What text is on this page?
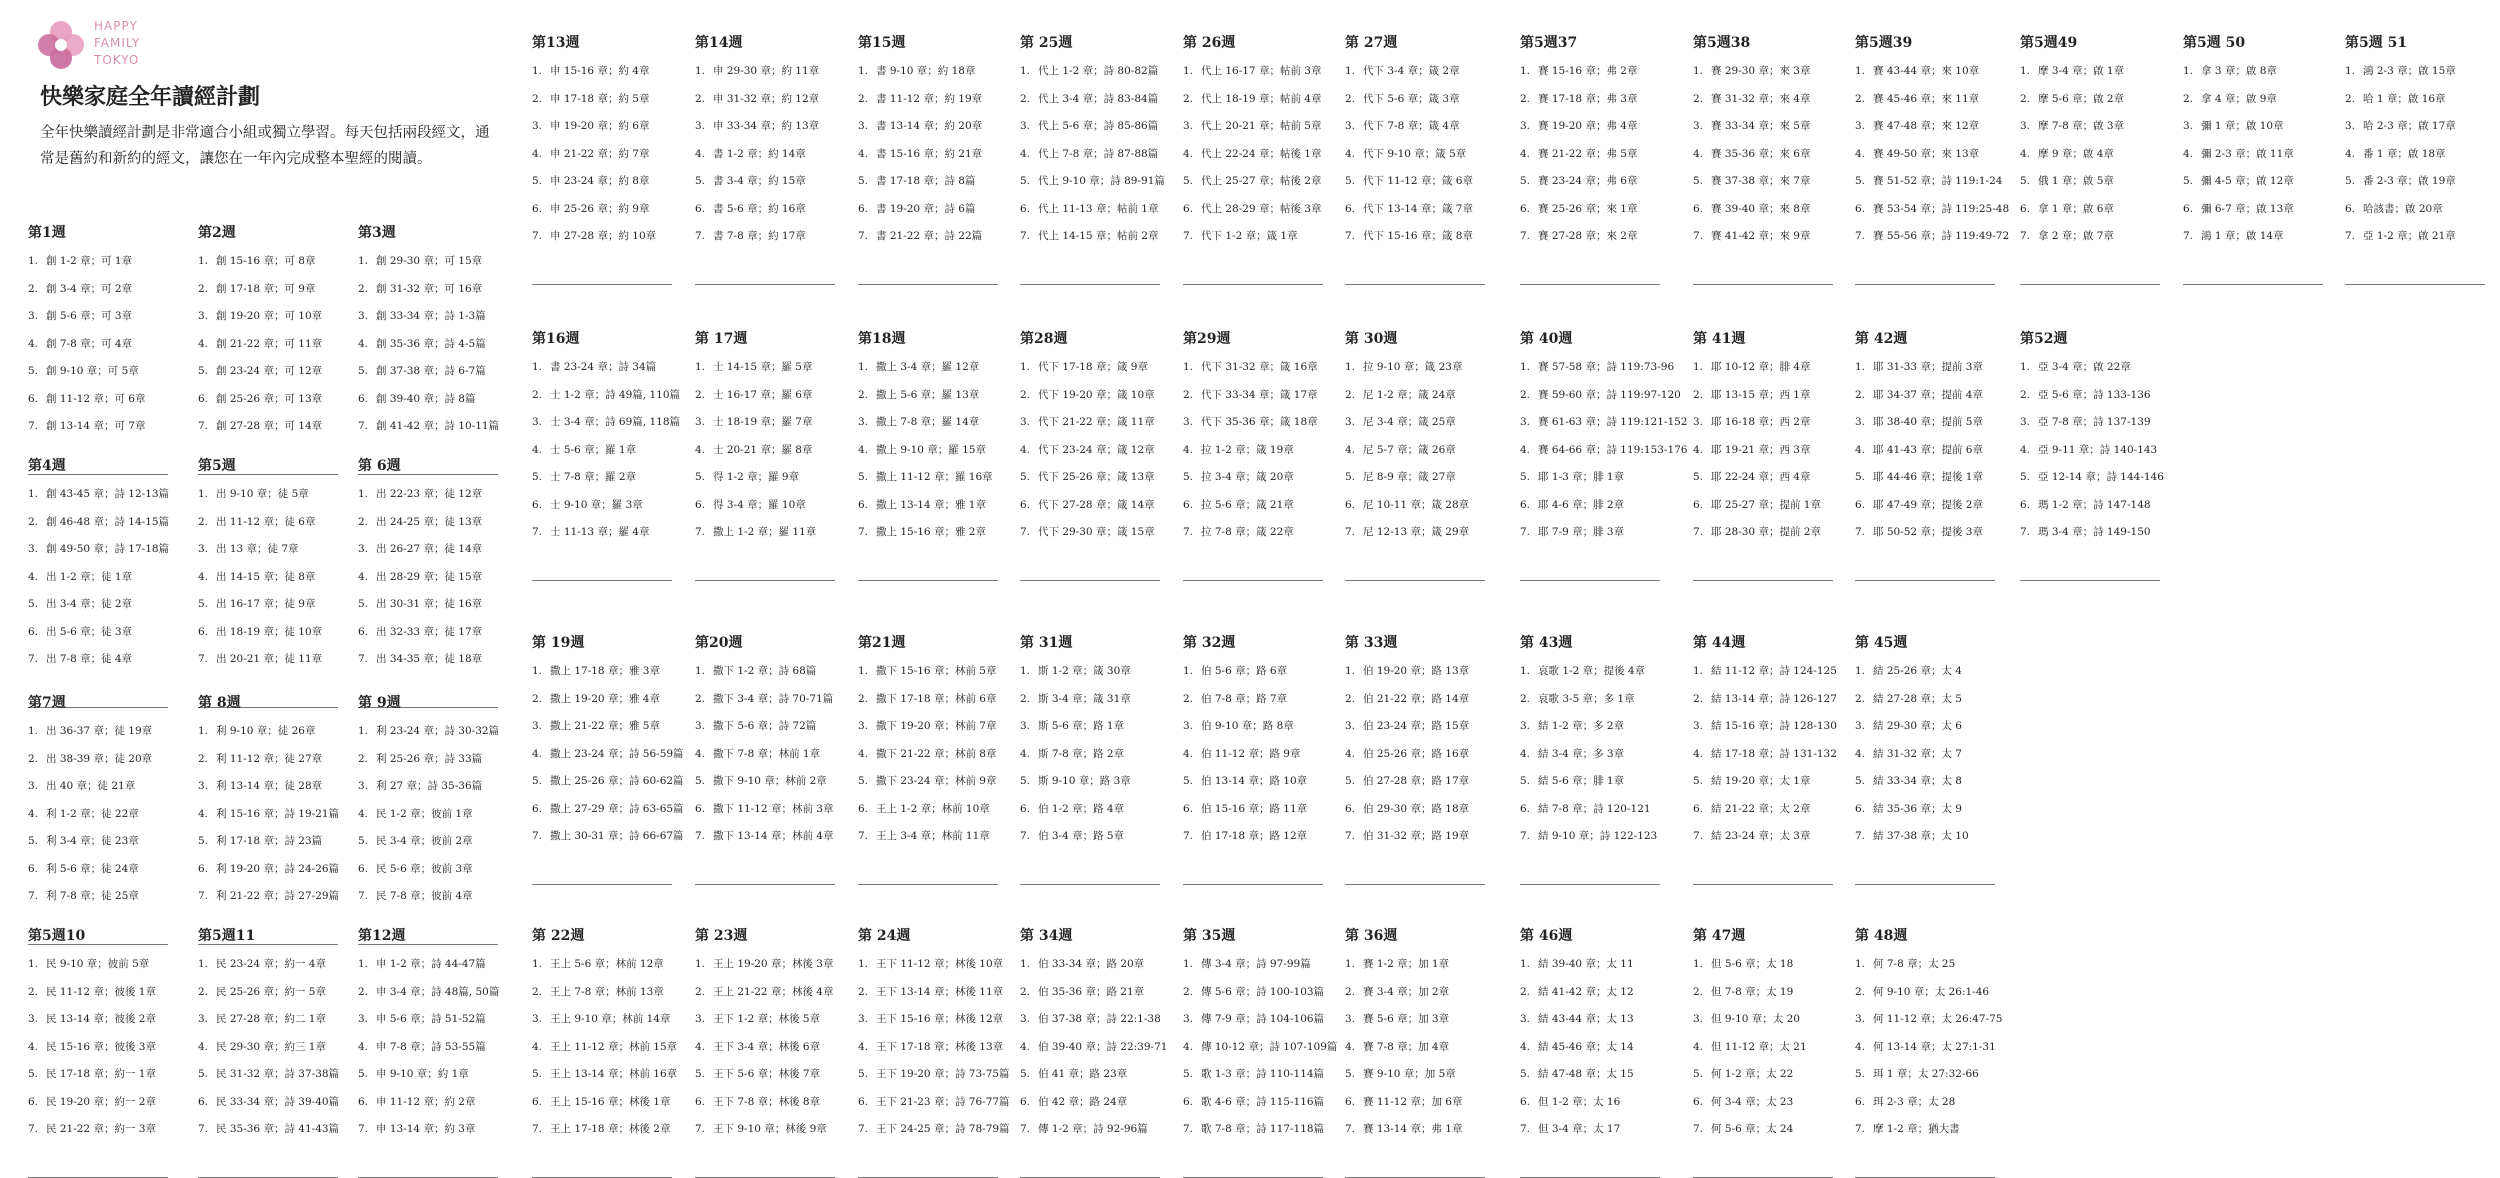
HAPPY
FAMILY
TOKYO
快樂家庭全年讀經計劃

全年快樂讀經計劃是非常適合小組或獨立學習。每天包括兩段經文，通常是舊約和新約的經文，讓您在一年內完成整本聖經的閱讀。

第1週
1. 創 1-2 章；可 1章
2. 創 3-4 章；可 2章
3. 創 5-6 章；可 3章
4. 創 7-8 章；可 4章
5. 創 9-10 章；可 5章
6. 創 11-12 章；可 6章
7. 創 13-14 章；可 7章
第2週
1. 創 15-16 章；可 8章
2. 創 17-18 章；可 9章
3. 創 19-20 章；可 10章
4. 創 21-22 章；可 11章
5. 創 23-24 章；可 12章
6. 創 25-26 章；可 13章
7. 創 27-28 章；可 14章
第3週
1. 創 29-30 章；可 15章
2. 創 31-32 章；可 16章
3. 創 33-34 章；詩 1-3篇
4. 創 35-36 章；詩 4-5篇
5. 創 37-38 章；詩 6-7篇
6. 創 39-40 章；詩 8篇
7. 創 41-42 章；詩 10-11篇
第4週
1. 創 43-45 章；詩 12-13篇
2. 創 46-48 章；詩 14-15篇
3. 創 49-50 章；詩 17-18篇
4. 出 1-2 章；徒 1章
5. 出 3-4 章；徒 2章
6. 出 5-6 章；徒 3章
7. 出 7-8 章；徒 4章
第5週
1. 出 9-10 章；徒 5章
2. 出 11-12 章；徒 6章
3. 出 13 章；徒 7章
4. 出 14-15 章；徒 8章
5. 出 16-17 章；徒 9章
6. 出 18-19 章；徒 10章
7. 出 20-21 章；徒 11章
第 6週
1. 出 22-23 章；徒 12章
2. 出 24-25 章；徒 13章
3. 出 26-27 章；徒 14章
4. 出 28-29 章；徒 15章
5. 出 30-31 章；徒 16章
6. 出 32-33 章；徒 17章
7. 出 34-35 章；徒 18章
第7週
1. 出 36-37 章；徒 19章
2. 出 38-39 章；徒 20章
3. 出 40 章；徒 21章
4. 利 1-2 章；徒 22章
5. 利 3-4 章；徒 23章
6. 利 5-6 章；徒 24章
7. 利 7-8 章；徒 25章
第 8週
1. 利 9-10 章；徒 26章
2. 利 11-12 章；徒 27章
3. 利 13-14 章；徒 28章
4. 利 15-16 章；詩 19-21篇
5. 利 17-18 章；詩 23篇
6. 利 19-20 章；詩 24-26篇
7. 利 21-22 章；詩 27-29篇
第 9週
1. 利 23-24 章；詩 30-32篇
2. 利 25-26 章；詩 33篇
3. 利 27 章；詩 35-36篇
4. 民 1-2 章；彼前 1章
5. 民 3-4 章；彼前 2章
6. 民 5-6 章；彼前 3章
7. 民 7-8 章；彼前 4章
第5週10
1. 民 9-10 章；彼前 5章
2. 民 11-12 章；彼後 1章
3. 民 13-14 章；彼後 2章
4. 民 15-16 章；彼後 3章
5. 民 17-18 章；約一 1章
6. 民 19-20 章；約一 2章
7. 民 21-22 章；約一 3章
第5週11
1. 民 23-24 章；約一 4章
2. 民 25-26 章；約一 5章
3. 民 27-28 章；約二 1章
4. 民 29-30 章；約三 1章
5. 民 31-32 章；詩 37-38篇
6. 民 33-34 章；詩 39-40篇
7. 民 35-36 章；詩 41-43篇
第12週
1. 申 1-2 章；詩 44-47篇
2. 申 3-4 章；詩 48篇, 50篇
3. 申 5-6 章；詩 51-52篇
4. 申 7-8 章；詩 53-55篇
5. 申 9-10 章；約 1章
6. 申 11-12 章；約 2章
7. 申 13-14 章；約 3章
第13週
1. 申 15-16 章；約 4章
2. 申 17-18 章；約 5章
3. 申 19-20 章；約 6章
4. 申 21-22 章；約 7章
5. 申 23-24 章；約 8章
6. 申 25-26 章；約 9章
7. 申 27-28 章；約 10章
第14週
1. 申 29-30 章；約 11章
2. 申 31-32 章；約 12章
3. 申 33-34 章；約 13章
4. 書 1-2 章；約 14章
5. 書 3-4 章；約 15章
6. 書 5-6 章；約 16章
7. 書 7-8 章；約 17章
第15週
1. 書 9-10 章；約 18章
2. 書 11-12 章；約 19章
3. 書 13-14 章；約 20章
4. 書 15-16 章；約 21章
5. 書 17-18 章；詩 8篇
6. 書 19-20 章；詩 6篇
7. 書 21-22 章；詩 22篇
第 25週
1. 代上 1-2 章；詩 80-82篇
2. 代上 3-4 章；詩 83-84篇
3. 代上 5-6 章；詩 85-86篇
4. 代上 7-8 章；詩 87-88篇
5. 代上 9-10 章；詩 89-91篇
6. 代上 11-13 章；帖前 1章
7. 代上 14-15 章；帖前 2章
第 26週
1. 代上 16-17 章；帖前 3章
2. 代上 18-19 章；帖前 4章
3. 代上 20-21 章；帖前 5章
4. 代上 22-24 章；帖後 1章
5. 代上 25-27 章；帖後 2章
6. 代上 28-29 章；帖後 3章
7. 代下 1-2 章；箴 1章
第 27週
1. 代下 3-4 章；箴 2章
2. 代下 5-6 章；箴 3章
3. 代下 7-8 章；箴 4章
4. 代下 9-10 章；箴 5章
5. 代下 11-12 章；箴 6章
6. 代下 13-14 章；箴 7章
7. 代下 15-16 章；箴 8章
第5週37
1. 賽 15-16 章；弗 2章
2. 賽 17-18 章；弗 3章
3. 賽 19-20 章；弗 4章
4. 賽 21-22 章；弗 5章
5. 賽 23-24 章；弗 6章
6. 賽 25-26 章；來 1章
7. 賽 27-28 章；來 2章
第5週38
1. 賽 29-30 章；來 3章
2. 賽 31-32 章；來 4章
3. 賽 33-34 章；來 5章
4. 賽 35-36 章；來 6章
5. 賽 37-38 章；來 7章
6. 賽 39-40 章；來 8章
7. 賽 41-42 章；來 9章
第5週39
1. 賽 43-44 章；來 10章
2. 賽 45-46 章；來 11章
3. 賽 47-48 章；來 12章
4. 賽 49-50 章；來 13章
5. 賽 51-52 章；詩 119:1-24
6. 賽 53-54 章；詩 119:25-48
7. 賽 55-56 章；詩 119:49-72
第5週49
1. 摩 3-4 章；啟 1章
2. 摩 5-6 章；啟 2章
3. 摩 7-8 章；啟 3章
4. 摩 9 章；啟 4章
5. 俄 1 章；啟 5章
6. 拿 1 章；啟 6章
7. 拿 2 章；啟 7章
第5週 50
1. 拿 3 章；啟 8章
2. 拿 4 章；啟 9章
3. 彌 1 章；啟 10章
4. 彌 2-3 章；啟 11章
5. 彌 4-5 章；啟 12章
6. 彌 6-7 章；啟 13章
7. 鴻 1 章；啟 14章
第5週 51
1. 鴻 2-3 章；啟 15章
2. 哈 1 章；啟 16章
3. 哈 2-3 章；啟 17章
4. 番 1 章；啟 18章
5. 番 2-3 章；啟 19章
6. 哈該書；啟 20章
7. 亞 1-2 章；啟 21章
第16週
1. 書 23-24 章；詩 34篇
2. 士 1-2 章；詩 49篇, 110篇
3. 士 3-4 章；詩 69篇, 118篇
4. 士 5-6 章；羅 1章
5. 士 7-8 章；羅 2章
6. 士 9-10 章；羅 3章
7. 士 11-13 章；羅 4章
第 17週
1. 士 14-15 章；羅 5章
2. 士 16-17 章；羅 6章
3. 士 18-19 章；羅 7章
4. 士 20-21 章；羅 8章
5. 得 1-2 章；羅 9章
6. 得 3-4 章；羅 10章
7. 撒上 1-2 章；羅 11章
第18週
1. 撒上 3-4 章；羅 12章
2. 撒上 5-6 章；羅 13章
3. 撒上 7-8 章；羅 14章
4. 撒上 9-10 章；羅 15章
5. 撒上 11-12 章；羅 16章
6. 撒上 13-14 章；雅 1章
7. 撒上 15-16 章；雅 2章
第28週
1. 代下 17-18 章；箴 9章
2. 代下 19-20 章；箴 10章
3. 代下 21-22 章；箴 11章
4. 代下 23-24 章；箴 12章
5. 代下 25-26 章；箴 13章
6. 代下 27-28 章；箴 14章
7. 代下 29-30 章；箴 15章
第29週
1. 代下 31-32 章；箴 16章
2. 代下 33-34 章；箴 17章
3. 代下 35-36 章；箴 18章
4. 拉 1-2 章；箴 19章
5. 拉 3-4 章；箴 20章
6. 拉 5-6 章；箴 21章
7. 拉 7-8 章；箴 22章
第 30週
1. 拉 9-10 章；箴 23章
2. 尼 1-2 章；箴 24章
3. 尼 3-4 章；箴 25章
4. 尼 5-7 章；箴 26章
5. 尼 8-9 章；箴 27章
6. 尼 10-11 章；箴 28章
7. 尼 12-13 章；箴 29章
第 40週
1. 賽 57-58 章；詩 119:73-96
2. 賽 59-60 章；詩 119:97-120
3. 賽 61-63 章；詩 119:121-152
4. 賽 64-66 章；詩 119:153-176
5. 耶 1-3 章；腓 1章
6. 耶 4-6 章；腓 2章
7. 耶 7-9 章；腓 3章
第 41週
1. 耶 10-12 章；腓 4章
2. 耶 13-15 章；西 1章
3. 耶 16-18 章；西 2章
4. 耶 19-21 章；西 3章
5. 耶 22-24 章；西 4章
6. 耶 25-27 章；提前 1章
7. 耶 28-30 章；提前 2章
第 42週
1. 耶 31-33 章；提前 3章
2. 耶 34-37 章；提前 4章
3. 耶 38-40 章；提前 5章
4. 耶 41-43 章；提前 6章
5. 耶 44-46 章；提後 1章
6. 耶 47-49 章；提後 2章
7. 耶 50-52 章；提後 3章
第52週
1. 亞 3-4 章；啟 22章
2. 亞 5-6 章；詩 133-136
3. 亞 7-8 章；詩 137-139
4. 亞 9-11 章；詩 140-143
5. 亞 12-14 章；詩 144-146
6. 瑪 1-2 章；詩 147-148
7. 瑪 3-4 章；詩 149-150
第 19週
1. 撒上 17-18 章；雅 3章
2. 撒上 19-20 章；雅 4章
3. 撒上 21-22 章；雅 5章
4. 撒上 23-24 章；詩 56-59篇
5. 撒上 25-26 章；詩 60-62篇
6. 撒上 27-29 章；詩 63-65篇
7. 撒上 30-31 章；詩 66-67篇
第20週
1. 撒下 1-2 章；詩 68篇
2. 撒下 3-4 章；詩 70-71篇
3. 撒下 5-6 章；詩 72篇
4. 撒下 7-8 章；林前 1章
5. 撒下 9-10 章；林前 2章
6. 撒下 11-12 章；林前 3章
7. 撒下 13-14 章；林前 4章
第21週
1. 撒下 15-16 章；林前 5章
2. 撒下 17-18 章；林前 6章
3. 撒下 19-20 章；林前 7章
4. 撒下 21-22 章；林前 8章
5. 撒下 23-24 章；林前 9章
6. 王上 1-2 章；林前 10章
7. 王上 3-4 章；林前 11章
第 31週
1. 斯 1-2 章；箴 30章
2. 斯 3-4 章；箴 31章
3. 斯 5-6 章；路 1章
4. 斯 7-8 章；路 2章
5. 斯 9-10 章；路 3章
6. 伯 1-2 章；路 4章
7. 伯 3-4 章；路 5章
第 32週
1. 伯 5-6 章；路 6章
2. 伯 7-8 章；路 7章
3. 伯 9-10 章；路 8章
4. 伯 11-12 章；路 9章
5. 伯 13-14 章；路 10章
6. 伯 15-16 章；路 11章
7. 伯 17-18 章；路 12章
第 33週
1. 伯 19-20 章；路 13章
2. 伯 21-22 章；路 14章
3. 伯 23-24 章；路 15章
4. 伯 25-26 章；路 16章
5. 伯 27-28 章；路 17章
6. 伯 29-30 章；路 18章
7. 伯 31-32 章；路 19章
第 43週
1. 哀歌 1-2 章；提後 4章
2. 哀歌 3-5 章；多 1章
3. 結 1-2 章；多 2章
4. 結 3-4 章；多 3章
5. 結 5-6 章；腓 1章
6. 結 7-8 章；詩 120-121
7. 結 9-10 章；詩 122-123
第 44週
1. 結 11-12 章；詩 124-125
2. 結 13-14 章；詩 126-127
3. 結 15-16 章；詩 128-130
4. 結 17-18 章；詩 131-132
5. 結 19-20 章；太 1章
6. 結 21-22 章；太 2章
7. 結 23-24 章；太 3章
第 45週
1. 結 25-26 章；太 4
2. 結 27-28 章；太 5
3. 結 29-30 章；太 6
4. 結 31-32 章；太 7
5. 結 33-34 章；太 8
6. 結 35-36 章；太 9
7. 結 37-38 章；太 10
第 22週
1. 王上 5-6 章；林前 12章
2. 王上 7-8 章；林前 13章
3. 王上 9-10 章；林前 14章
4. 王上 11-12 章；林前 15章
5. 王上 13-14 章；林前 16章
6. 王上 15-16 章；林後 1章
7. 王上 17-18 章；林後 2章
第 23週
1. 王上 19-20 章；林後 3章
2. 王上 21-22 章；林後 4章
3. 王下 1-2 章；林後 5章
4. 王下 3-4 章；林後 6章
5. 王下 5-6 章；林後 7章
6. 王下 7-8 章；林後 8章
7. 王下 9-10 章；林後 9章
第 24週
1. 王下 11-12 章；林後 10章
2. 王下 13-14 章；林後 11章
3. 王下 15-16 章；林後 12章
4. 王下 17-18 章；林後 13章
5. 王下 19-20 章；詩 73-75篇
6. 王下 21-23 章；詩 76-77篇
7. 王下 24-25 章；詩 78-79篇
第 34週
1. 伯 33-34 章；路 20章
2. 伯 35-36 章；路 21章
3. 伯 37-38 章；詩 22:1-38
4. 伯 39-40 章；詩 22:39-71
5. 伯 41 章；路 23章
6. 伯 42 章；路 24章
7. 傳 1-2 章；詩 92-96篇
第 35週
1. 傳 3-4 章；詩 97-99篇
2. 傳 5-6 章；詩 100-103篇
3. 傳 7-9 章；詩 104-106篇
4. 傳 10-12 章；詩 107-109篇
5. 歌 1-3 章；詩 110-114篇
6. 歌 4-6 章；詩 115-116篇
7. 歌 7-8 章；詩 117-118篇
第 36週
1. 賽 1-2 章；加 1章
2. 賽 3-4 章；加 2章
3. 賽 5-6 章；加 3章
4. 賽 7-8 章；加 4章
5. 賽 9-10 章；加 5章
6. 賽 11-12 章；加 6章
7. 賽 13-14 章；弗 1章
第 46週
1. 結 39-40 章；太 11
2. 結 41-42 章；太 12
3. 結 43-44 章；太 13
4. 結 45-46 章；太 14
5. 結 47-48 章；太 15
6. 但 1-2 章；太 16
7. 但 3-4 章；太 17
第 47週
1. 但 5-6 章；太 18
2. 但 7-8 章；太 19
3. 但 9-10 章；太 20
4. 但 11-12 章；太 21
5. 何 1-2 章；太 22
6. 何 3-4 章；太 23
7. 何 5-6 章；太 24
第 48週
1. 何 7-8 章；太 25
2. 何 9-10 章；太 26:1-46
3. 何 11-12 章；太 26:47-75
4. 何 13-14 章；太 27:1-31
5. 珥 1 章；太 27:32-66
6. 珥 2-3 章；太 28
7. 摩 1-2 章；猶大書
